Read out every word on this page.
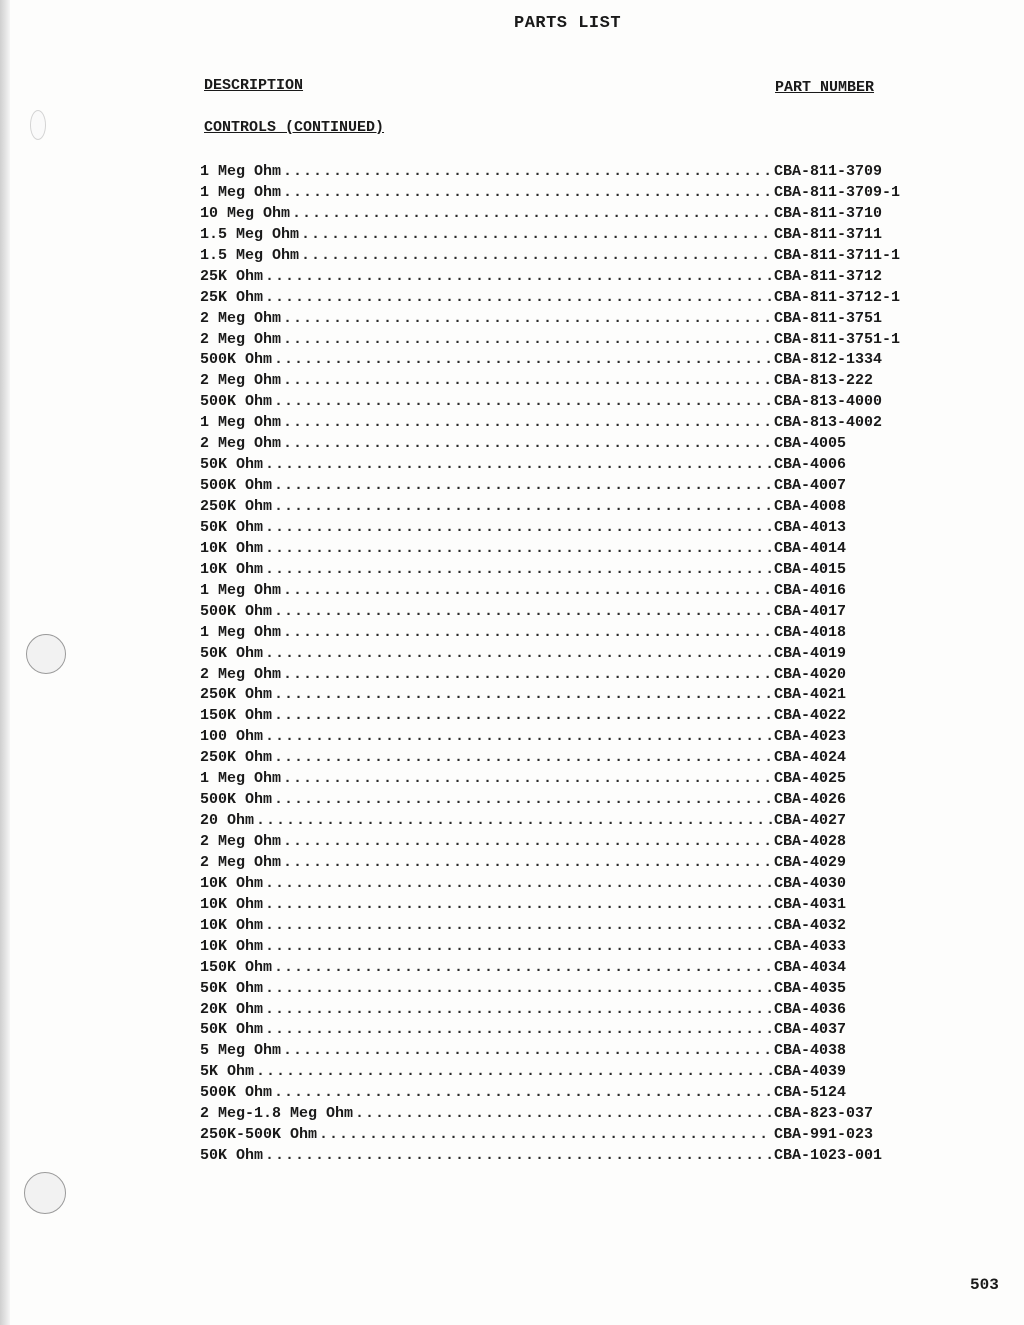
PARTS LIST
DESCRIPTION	PART NUMBER
CONTROLS (CONTINUED)
1 Meg Ohm .....	CBA-811-3709
1 Meg Ohm .....	CBA-811-3709-1
10 Meg Ohm .....	CBA-811-3710
1.5 Meg Ohm .....	CBA-811-3711
1.5 Meg Ohm .....	CBA-811-3711-1
25K Ohm .....	CBA-811-3712
25K Ohm .....	CBA-811-3712-1
2 Meg Ohm .....	CBA-811-3751
2 Meg Ohm .....	CBA-811-3751-1
500K Ohm .....	CBA-812-1334
2 Meg Ohm .....	CBA-813-222
500K Ohm .....	CBA-813-4000
1 Meg Ohm .....	CBA-813-4002
2 Meg Ohm .....	CBA-4005
50K Ohm .....	CBA-4006
500K Ohm .....	CBA-4007
250K Ohm .....	CBA-4008
50K Ohm .....	CBA-4013
10K Ohm .....	CBA-4014
10K Ohm .....	CBA-4015
1 Meg Ohm .....	CBA-4016
500K Ohm .....	CBA-4017
1 Meg Ohm .....	CBA-4018
50K Ohm .....	CBA-4019
2 Meg Ohm .....	CBA-4020
250K Ohm .....	CBA-4021
150K Ohm .....	CBA-4022
100 Ohm .....	CBA-4023
250K Ohm .....	CBA-4024
1 Meg Ohm .....	CBA-4025
500K Ohm .....	CBA-4026
20 Ohm .....	CBA-4027
2 Meg Ohm .....	CBA-4028
2 Meg Ohm .....	CBA-4029
10K Ohm .....	CBA-4030
10K Ohm .....	CBA-4031
10K Ohm .....	CBA-4032
10K Ohm .....	CBA-4033
150K Ohm .....	CBA-4034
50K Ohm .....	CBA-4035
20K Ohm .....	CBA-4036
50K Ohm .....	CBA-4037
5 Meg Ohm .....	CBA-4038
5K Ohm .....	CBA-4039
500K Ohm .....	CBA-5124
2 Meg-1.8 Meg Ohm .....	CBA-823-037
250K-500K Ohm .....	CBA-991-023
50K Ohm .....	CBA-1023-001
503
